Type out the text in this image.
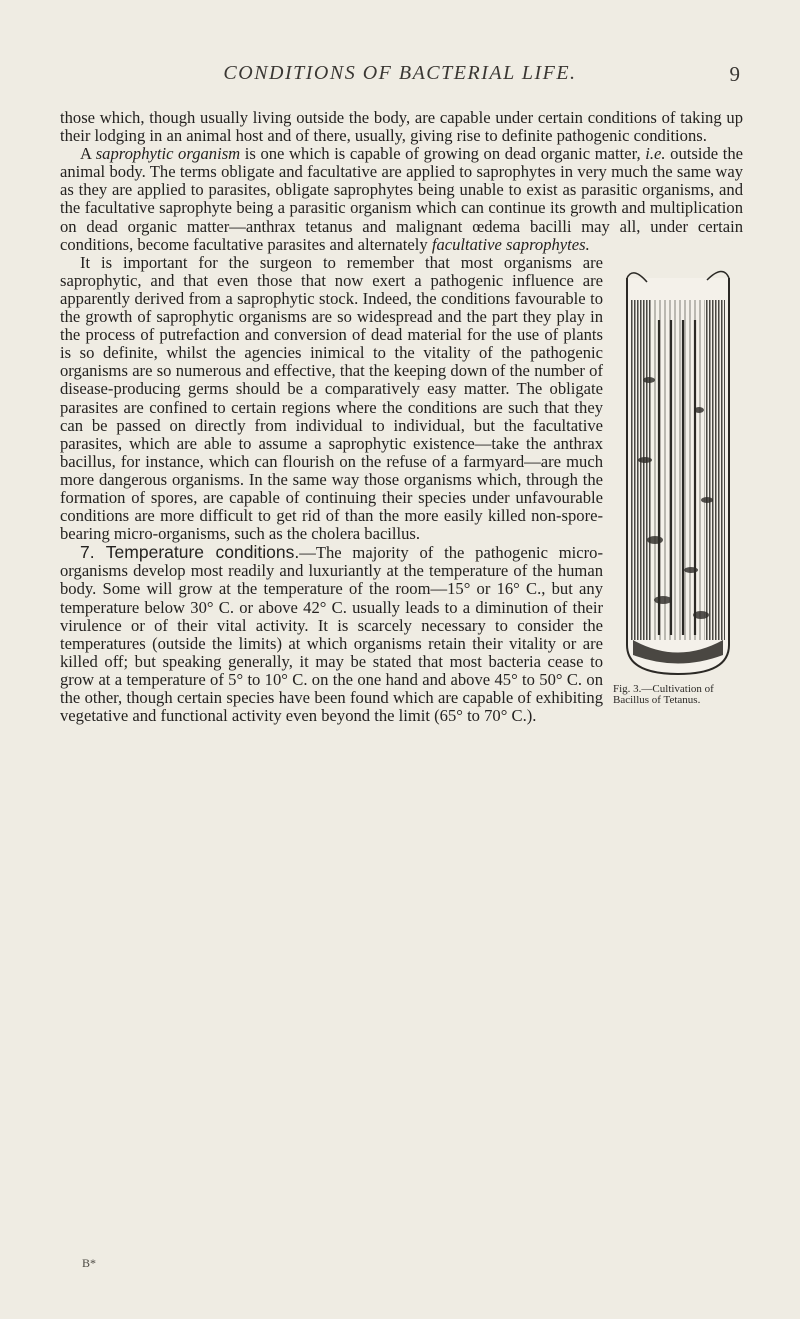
CONDITIONS OF BACTERIAL LIFE.	9

those which, though usually living outside the body, are capable under certain conditions of taking up their lodging in an animal host and of there, usually, giving rise to definite pathogenic conditions.

A saprophytic organism is one which is capable of growing on dead organic matter, i.e. outside the animal body. The terms obligate and facultative are applied to saprophytes in very much the same way as they are applied to parasites, obligate saprophytes being unable to exist as parasitic organisms, and the facultative saprophyte being a parasitic organism which can continue its growth and multiplication on dead organic matter—anthrax tetanus and malignant œdema bacilli may all, under certain conditions, become facultative parasites and alternately facultative saprophytes.

Fig. 3.—Cultivation of Bacillus of Tetanus.

It is important for the surgeon to remember that most organisms are saprophytic, and that even those that now exert a pathogenic influence are apparently derived from a saprophytic stock. Indeed, the conditions favourable to the growth of saprophytic organisms are so widespread and the part they play in the process of putrefaction and conversion of dead material for the use of plants is so definite, whilst the agencies inimical to the vitality of the pathogenic organisms are so numerous and effective, that the keeping down of the number of disease-producing germs should be a comparatively easy matter. The obligate parasites are confined to certain regions where the conditions are such that they can be passed on directly from individual to individual, but the facultative parasites, which are able to assume a saprophytic existence—take the anthrax bacillus, for instance, which can flourish on the refuse of a farmyard—are much more dangerous organisms. In the same way those organisms which, through the formation of spores, are capable of continuing their species under unfavourable conditions are more difficult to get rid of than the more easily killed non-spore-bearing micro-organisms, such as the cholera bacillus.

7. Temperature conditions.—The majority of the pathogenic micro-organisms develop most readily and luxuriantly at the temperature of the human body. Some will grow at the temperature of the room—15° or 16° C., but any temperature below 30° C. or above 42° C. usually leads to a diminution of their virulence or of their vital activity. It is scarcely necessary to consider the temperatures (outside the limits) at which organisms retain their vitality or are killed off; but speaking generally, it may be stated that most bacteria cease to grow at a temperature of 5° to 10° C. on the one hand and above 45° to 50° C. on the other, though certain species have been found which are capable of exhibiting vegetative and functional activity even beyond the limit (65° to 70° C.).

B*
